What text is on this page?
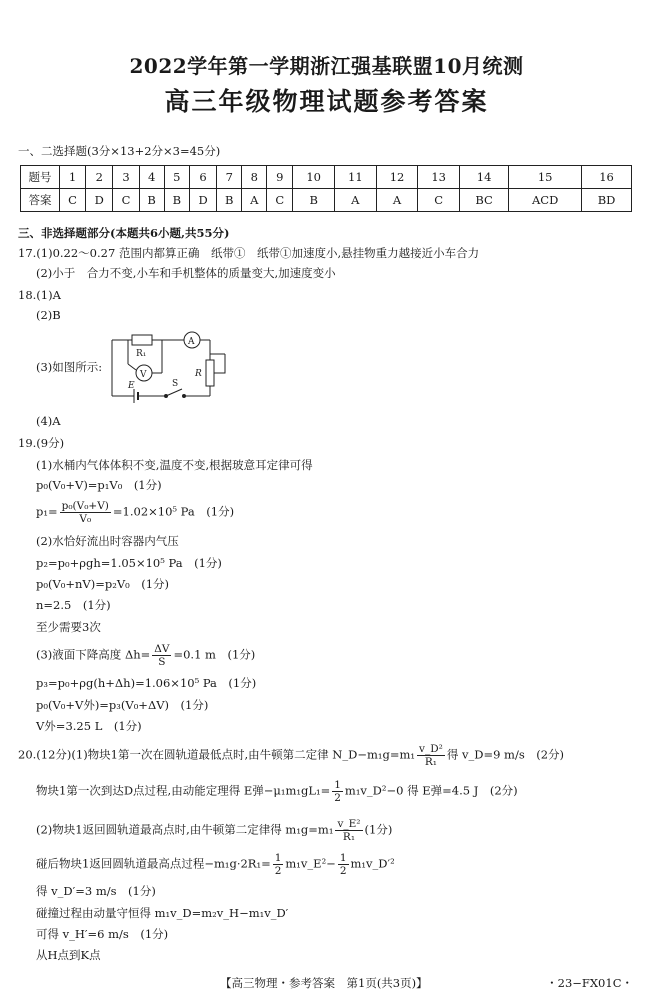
2022学年第一学期浙江强基联盟10月统测
高三年级物理试题参考答案
一、二选择题(3分×13+2分×3=45分)
题号	1	2	3	4	5	6	7	8	9	10	11	12	13	14	15	16
答案	C	D	C	B	B	D	B	A	C	B	A	A	C	BC	ACD	BD
三、非选择题部分(本题共6小题,共55分)
17.(1)0.22～0.27 范围内都算正确　纸带①　纸带①加速度小,悬挂物重力越接近小车合力
(2)小于　合力不变,小车和手机整体的质量变大,加速度变小
18.(1)A
(2)B
(3)如图所示:
R₁
A
V	R
E	S
(4)A
19.(9分)
(1)水桶内气体体积不变,温度不变,根据玻意耳定律可得
p₀(V₀+V)=p₁V₀　(1分)
$p_1= \frac{\text{p₀(V₀+V)}}{\text{V₀}} =1.02\times 10^5$ Pa　(1分)
(2)水恰好流出时容器内气压
p₂=p₀+ρgh=1.05×10⁵ Pa　(1分)
p₀(V₀+nV)=p₂V₀　(1分)
n=2.5　(1分)
至少需要3次
(3)液面下降高度 $\Delta h= \frac{\Delta V}{S} =0.1$ m　(1分)
p₃=p₀+ρg(h+Δh)=1.06×10⁵ Pa　(1分)
p₀(V₀+V外)=p₃(V₀+ΔV)　(1分)
V外=3.25 L　(1分)
20.(12分)(1)物块1第一次在圆轨道最低点时,由牛顿第二定律 N_D−m₁g=m₁ $\frac{\text{v\_D²}}{\text{R₁}}$ 得 v_D=9 m/s　(2分)
物块1第一次到达D点过程,由动能定理得 E弹$-\mu_1m_1gL_1= \frac{1}{2}$ m₁v_D²−0 得 E弹=4.5 J　(2分)
(2)物块1返回圆轨道最高点时,由牛顿第二定律得 $m_1g=m_1 \frac{\text{v\_E²}}{\text{R₁}} (1$分)
碰后物块1返回圆轨道最高点过程$-m_1g\cdot 2R_1= \frac{1}{2}$ m₁v_E²− $\frac{1}{2}$ m₁v_D′²
得 v_D′=3 m/s　(1分)
碰撞过程由动量守恒得 m₁v_D=m₂v_H−m₁v_D′
可得 v_H′=6 m/s　(1分)
从H点到K点
【高三物理・参考答案　第1页(共3页)】	・23−FX01C・
